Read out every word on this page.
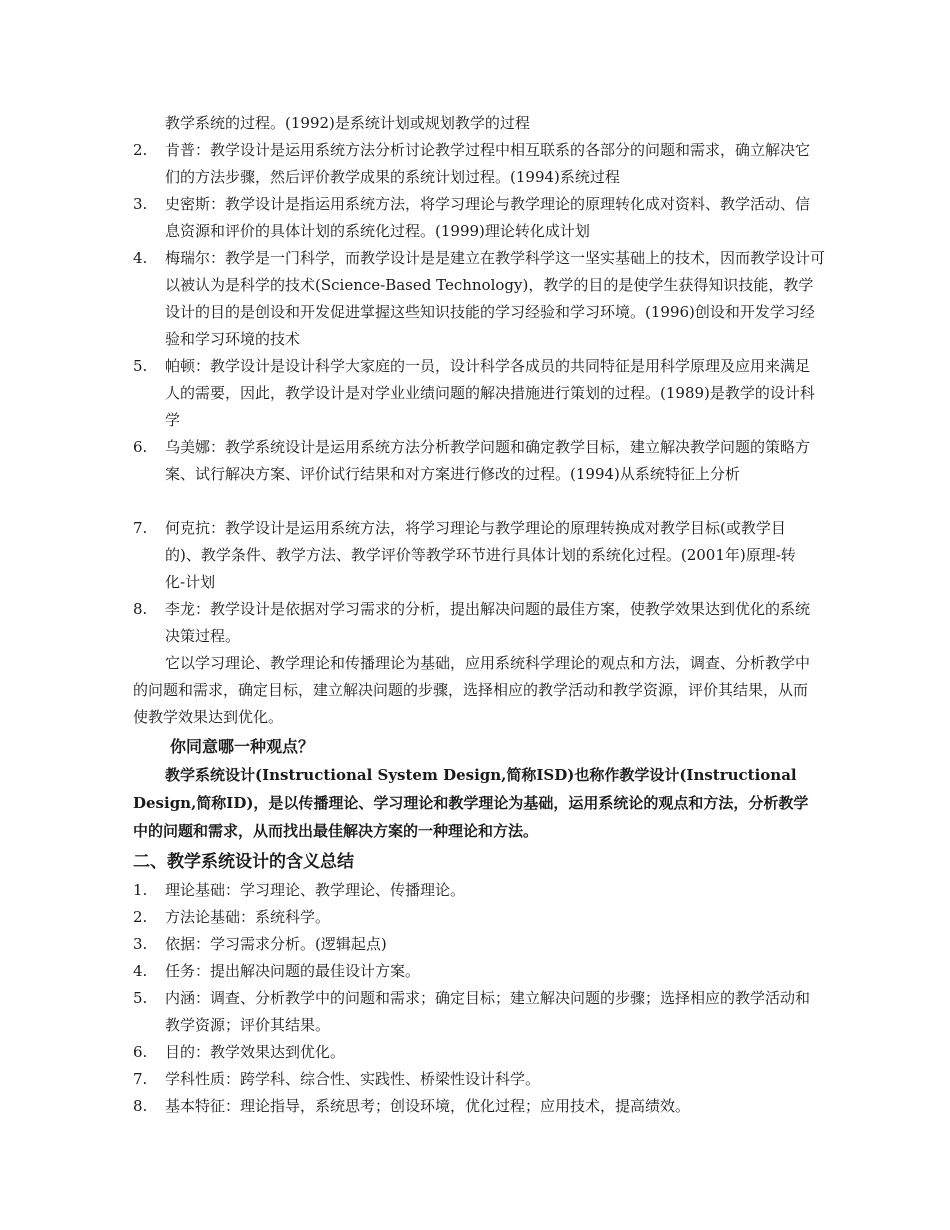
教学系统的过程。(1992)是系统计划或规划教学的过程
2. 肯普：教学设计是运用系统方法分析讨论教学过程中相互联系的各部分的问题和需求，确立解决它们的方法步骤，然后评价教学成果的系统计划过程。(1994)系统过程
3. 史密斯：教学设计是指运用系统方法，将学习理论与教学理论的原理转化成对资料、教学活动、信息资源和评价的具体计划的系统化过程。(1999)理论转化成计划
4. 梅瑞尔：教学是一门科学，而教学设计是是建立在教学科学这一坚实基础上的技术，因而教学设计可以被认为是科学的技术(Science-Based Technology)，教学的目的是使学生获得知识技能，教学设计的目的是创设和开发促进掌握这些知识技能的学习经验和学习环境。(1996)创设和开发学习经验和学习环境的技术
5. 帕顿：教学设计是设计科学大家庭的一员，设计科学各成员的共同特征是用科学原理及应用来满足人的需要，因此，教学设计是对学业业绩问题的解决措施进行策划的过程。(1989)是教学的设计科学
6. 乌美娜：教学系统设计是运用系统方法分析教学问题和确定教学目标，建立解决教学问题的策略方案、试行解决方案、评价试行结果和对方案进行修改的过程。(1994)从系统特征上分析
7. 何克抗：教学设计是运用系统方法，将学习理论与教学理论的原理转换成对教学目标(或教学目的)、教学条件、教学方法、教学评价等教学环节进行具体计划的系统化过程。(2001年)原理-转化-计划
8. 李龙：教学设计是依据对学习需求的分析，提出解决问题的最佳方案，使教学效果达到优化的系统决策过程。

它以学习理论、教学理论和传播理论为基础，应用系统科学理论的观点和方法，调查、分析教学中的问题和需求，确定目标，建立解决问题的步骤，选择相应的教学活动和教学资源，评价其结果，从而使教学效果达到优化。

你同意哪一种观点？

教学系统设计(Instructional System Design,简称ISD)也称作教学设计(Instructional Design,简称ID)，是以传播理论、学习理论和教学理论为基础，运用系统论的观点和方法，分析教学中的问题和需求，从而找出最佳解决方案的一种理论和方法。

二、教学系统设计的含义总结
1. 理论基础：学习理论、教学理论、传播理论。
2. 方法论基础：系统科学。
3. 依据：学习需求分析。(逻辑起点)
4. 任务：提出解决问题的最佳设计方案。
5. 内涵：调查、分析教学中的问题和需求；确定目标；建立解决问题的步骤；选择相应的教学活动和教学资源；评价其结果。
6. 目的：教学效果达到优化。
7. 学科性质：跨学科、综合性、实践性、桥梁性设计科学。
8. 基本特征：理论指导，系统思考；创设环境，优化过程；应用技术，提高绩效。
